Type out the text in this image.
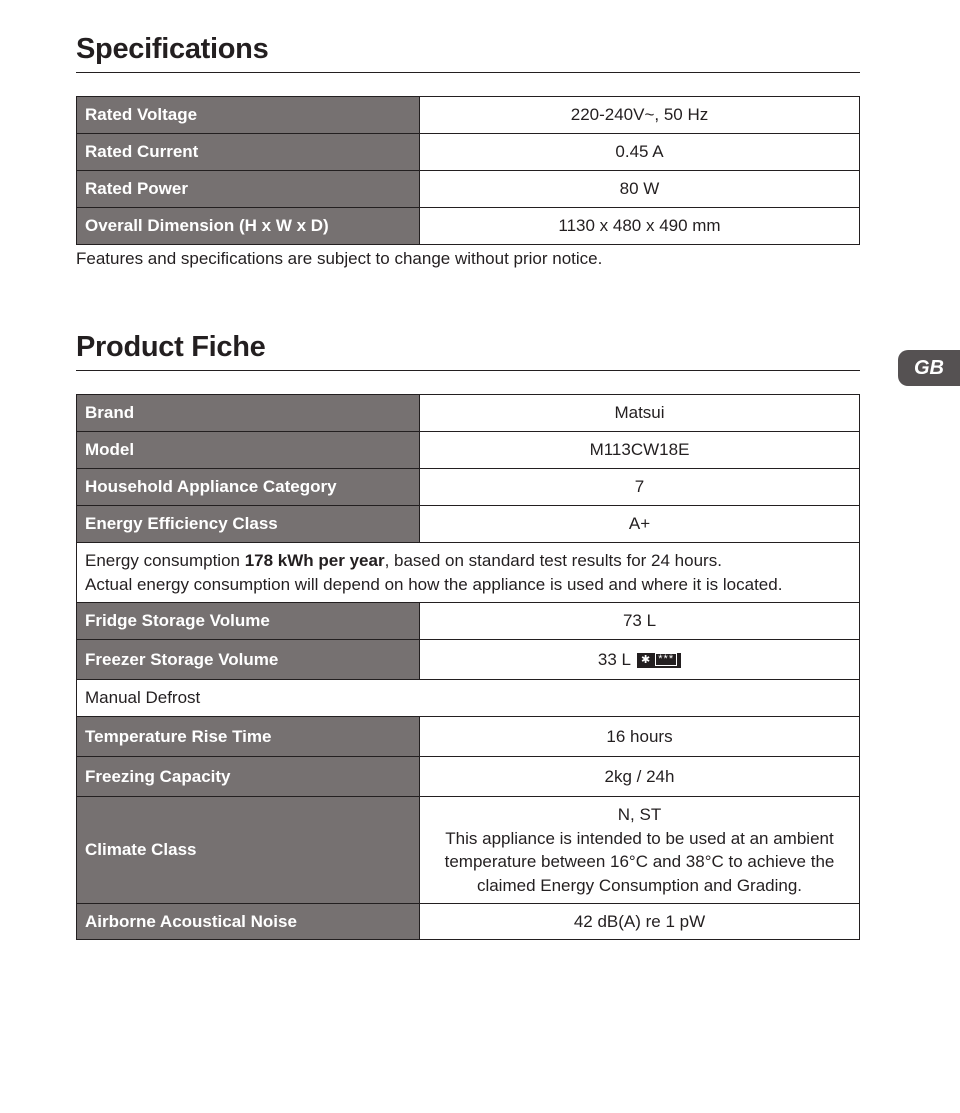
Specifications
Rated Voltage	220-240V~, 50 Hz
Rated Current	0.45 A
Rated Power	80 W
Overall Dimension (H x W x D)	1130 x 480 x 490 mm

Features and specifications are subject to change without prior notice.

Product Fiche
Brand	Matsui
Model	M113CW18E
Household Appliance Category	7
Energy Efficiency Class	A+
Energy consumption 178 kWh per year, based on standard test results for 24 hours.
Actual energy consumption will depend on how the appliance is used and where it is located.	
Fridge Storage Volume	73 L
Freezer Storage Volume	33 L ✱ ***
Manual Defrost	
Temperature Rise Time	16 hours
Freezing Capacity	2kg / 24h
Climate Class	N, ST
This appliance is intended to be used at an ambient
temperature between 16°C and 38°C to achieve the
claimed Energy Consumption and Grading.

Airborne Acoustical Noise	42 dB(A) re 1 pW
GB
